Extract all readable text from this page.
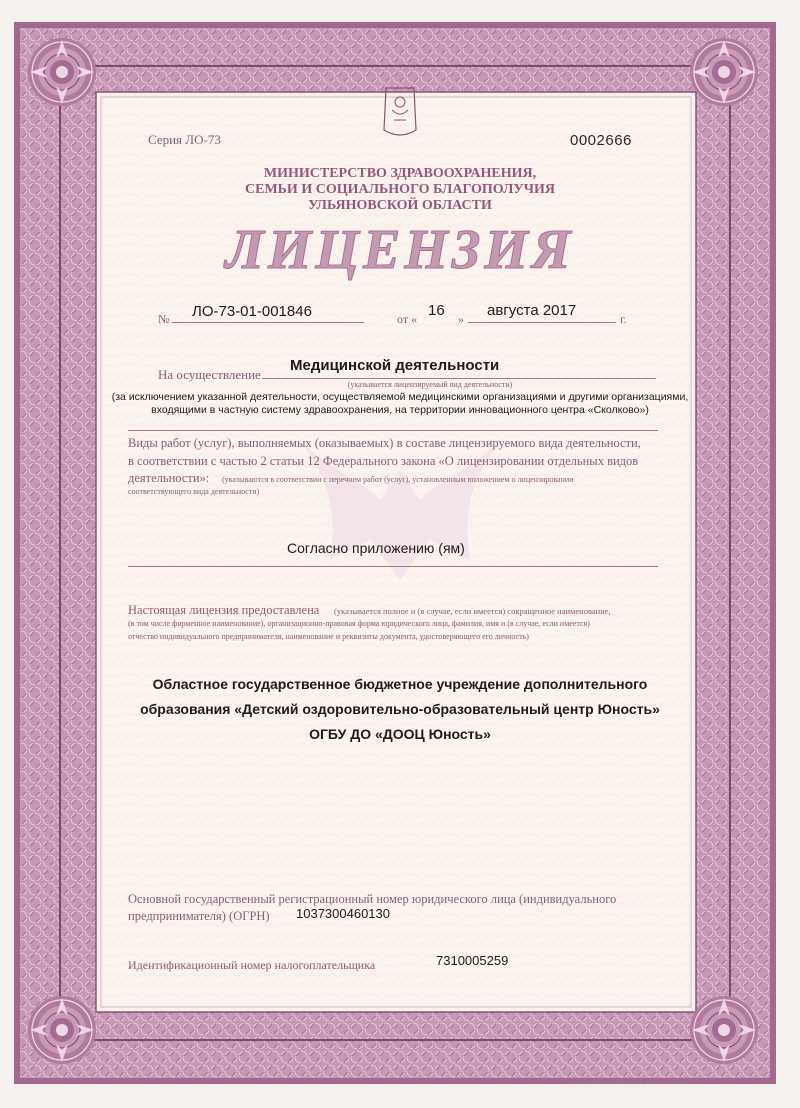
Серия ЛО-73	0002666
МИНИСТЕРСТВО ЗДРАВООХРАНЕНИЯ,
СЕМЬИ И СОЦИАЛЬНОГО БЛАГОПОЛУЧИЯ
УЛЬЯНОВСКОЙ ОБЛАСТИ
ЛИЦЕНЗИЯ
№ ЛО-73-01-001846	от « 16 » августа 2017	г.
На осуществление
Медицинской деятельности
(указывается лицензируемый вид деятельности)
(за исключением указанной деятельности, осуществляемой медицинскими организациями и другими организациями,
входящими в частную систему здравоохранения, на территории инновационного центра «Сколково»)
Виды работ (услуг), выполняемых (оказываемых) в составе лицензируемого вида деятельности,
в соответствии с частью 2 статьи 12 Федерального закона «О лицензировании отдельных видов
деятельности»: (указываются в соответствии с перечнем работ (услуг), установленным положением о лицензировании
соответствующего вида деятельности)
Согласно приложению (ям)
Настоящая лицензия предоставлена (указывается полное и (в случае, если имеется) сокращенное наименование,
(в том числе фирменное наименование), организационно-правовая форма юридического лица, фамилия, имя и (в случае, если имеется)
отчество индивидуального предпринимателя, наименование и реквизиты документа, удостоверяющего его личность)
Областное государственное бюджетное учреждение дополнительного
образования «Детский оздоровительно-образовательный центр Юность»
ОГБУ ДО «ДООЦ Юность»
Основной государственный регистрационный номер юридического лица (индивидуального
предпринимателя) (ОГРН) 1037300460130
Идентификационный номер налогоплательщика	7310005259
ООО «ВЕРЖЕ», г. КРАСНОЯРСК, 2017 г., «ТОВ» Б.
